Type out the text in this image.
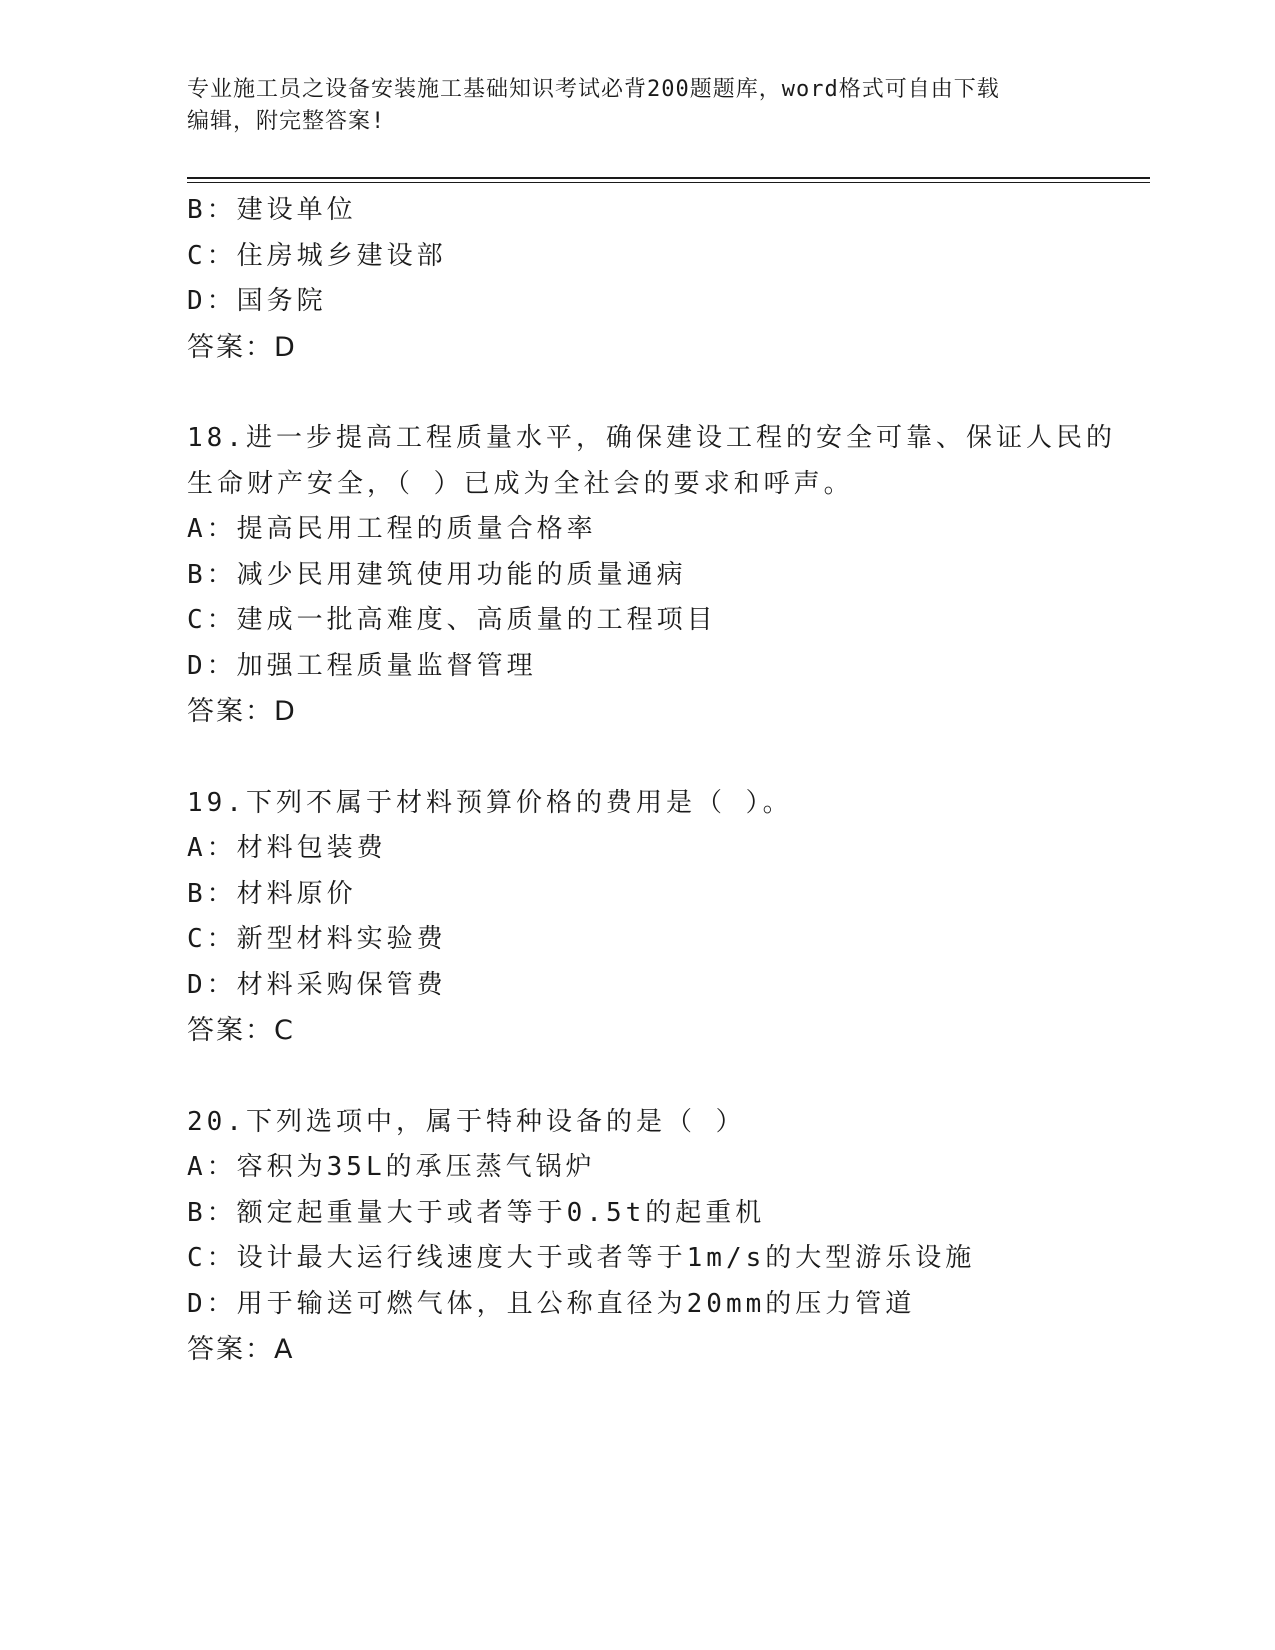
专业施工员之设备安装施工基础知识考试必背200题题库，word格式可自由下载
编辑，附完整答案!
B：建设单位
C：住房城乡建设部
D：国务院
答案：D
18.进一步提高工程质量水平，确保建设工程的安全可靠、保证人民的
生命财产安全，（ ）已成为全社会的要求和呼声。
A：提高民用工程的质量合格率
B：减少民用建筑使用功能的质量通病
C：建成一批高难度、高质量的工程项目
D：加强工程质量监督管理
答案：D
19.下列不属于材料预算价格的费用是（ ）。
A：材料包装费
B：材料原价
C：新型材料实验费
D：材料采购保管费
答案：C
20.下列选项中，属于特种设备的是（ ）
A：容积为35L的承压蒸气锅炉
B：额定起重量大于或者等于0.5t的起重机
C：设计最大运行线速度大于或者等于1m/s的大型游乐设施
D：用于输送可燃气体，且公称直径为20mm的压力管道
答案：A
